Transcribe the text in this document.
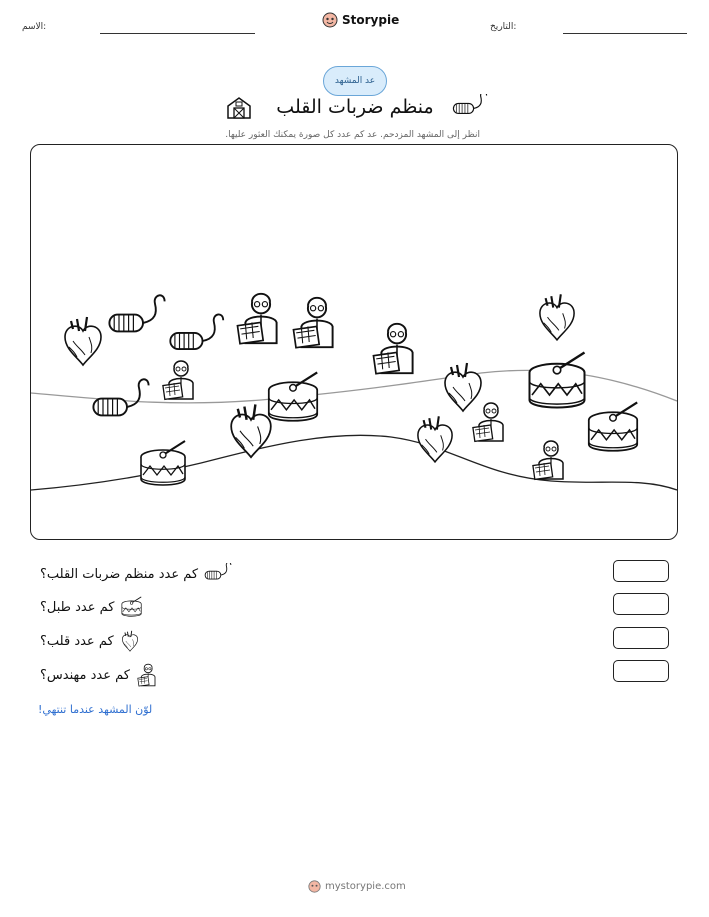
الاسم:	التاريخ:
Storypie
عد المشهد
منظم ضربات القلب
انظر إلى المشهد المزدحم. عد كم عدد كل صورة يمكنك العثور عليها.
كم عدد منظم ضربات القلب؟
كم عدد طبل؟
كم عدد قلب؟
كم عدد مهندس؟
لوّن المشهد عندما تنتهي!
mystorypie.com
